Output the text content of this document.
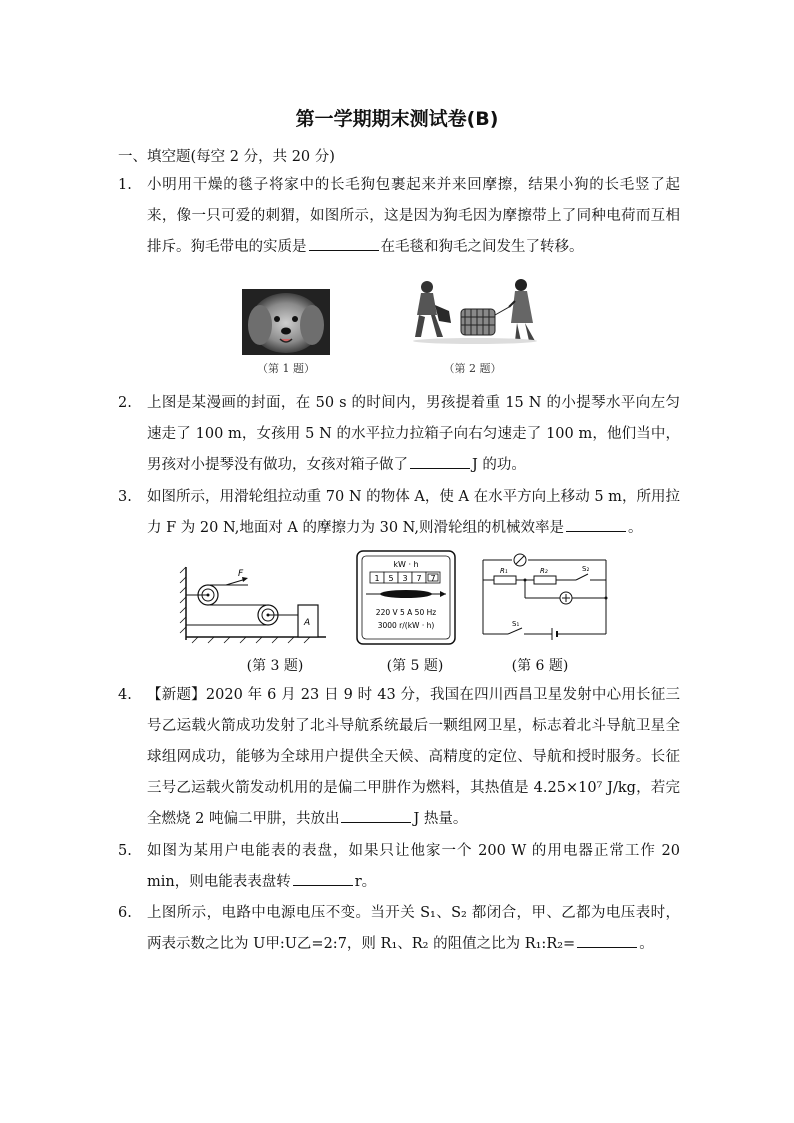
第一学期期末测试卷(B)
一、填空题(每空 2 分，共 20 分)
1. 小明用干燥的毯子将家中的长毛狗包裹起来并来回摩擦，结果小狗的长毛竖了起来，像一只可爱的刺猬，如图所示，这是因为狗毛因为摩擦带上了同种电荷而互相排斥。狗毛带电的实质是	在毛毯和狗毛之间发生了转移。
（第 1 题）	（第 2 题）
2. 上图是某漫画的封面，在 50 s 的时间内，男孩提着重 15 N 的小提琴水平向左匀速走了 100 m，女孩用 5 N 的水平拉力拉箱子向右匀速走了 100 m，他们当中，男孩对小提琴没有做功，女孩对箱子做了	J 的功。
3. 如图所示，用滑轮组拉动重 70 N 的物体 A，使 A 在水平方向上移动 5 m，所用拉力 F 为 20 N,地面对 A 的摩擦力为 30 N,则滑轮组的机械效率是	。
F
A
(第 3 题)
kW · h
1 5 3 7 7
220 V 5 A 50 Hz
3000 r/(kW · h)
(第 5 题)
R₁	R₂	S₂
S₁
(第 6 题)
4. 【新题】2020 年 6 月 23 日 9 时 43 分，我国在四川西昌卫星发射中心用长征三号乙运载火箭成功发射了北斗导航系统最后一颗组网卫星，标志着北斗导航卫星全球组网成功，能够为全球用户提供全天候、高精度的定位、导航和授时服务。长征三号乙运载火箭发动机用的是偏二甲肼作为燃料，其热值是 4.25×10⁷ J/kg，若完全燃烧 2 吨偏二甲肼，共放出	J 热量。
5. 如图为某用户电能表的表盘，如果只让他家一个 200 W 的用电器正常工作 20 min，则电能表表盘转	r。
6. 上图所示，电路中电源电压不变。当开关 S₁、S₂ 都闭合，甲、乙都为电压表时，两表示数之比为 U甲:U乙=2:7，则 R₁、R₂ 的阻值之比为 R₁:R₂=	。
